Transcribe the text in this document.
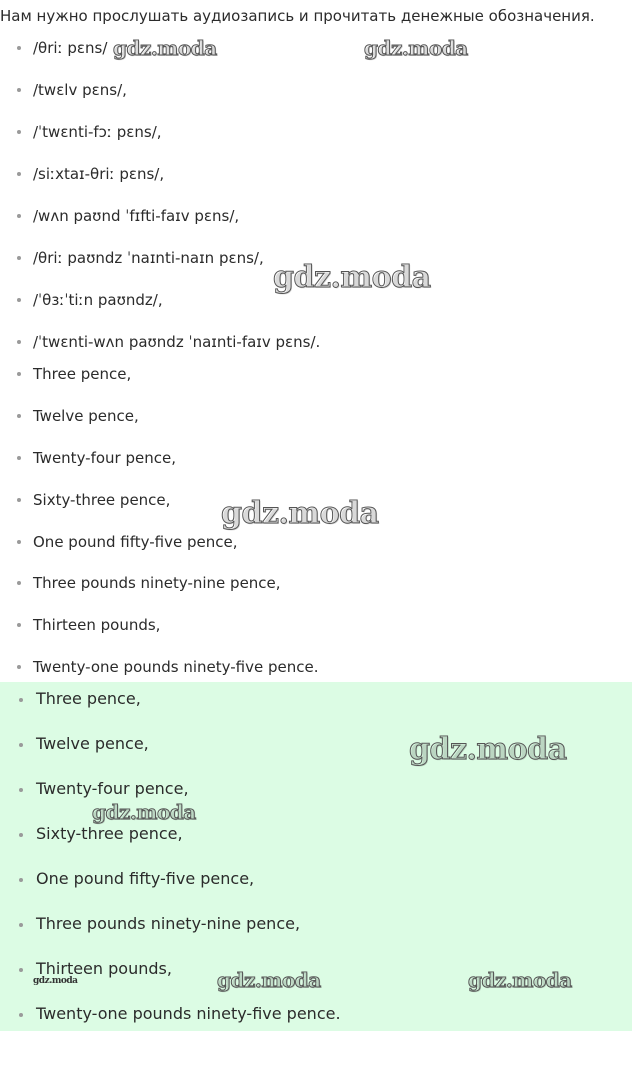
Нам нужно прослушать аудиозапись и прочитать денежные обозначения.
/θriː pɛns/
/twɛlv pɛns/,
/ˈtwɛnti-fɔː pɛns/,
/siːxtaɪ-θriː pɛns/,
/wʌn paʊnd ˈfɪfti-faɪv pɛns/,
/θriː paʊndz ˈnaɪnti-naɪn pɛns/,
/ˈθɜːˈtiːn paʊndz/,
/ˈtwɛnti-wʌn paʊndz ˈnaɪnti-faɪv pɛns/.
Three pence,
Twelve pence,
Twenty-four pence,
Sixty-three pence,
One pound fifty-five pence,
Three pounds ninety-nine pence,
Thirteen pounds,
Twenty-one pounds ninety-five pence.
Three pence,
Twelve pence,
Twenty-four pence,
Sixty-three pence,
One pound fifty-five pence,
Three pounds ninety-nine pence,
Thirteen pounds,
Twenty-one pounds ninety-five pence.
gdz.moda	gdz.moda
gdz.moda
gdz.moda
gdz.moda
gdz.moda
gdz.moda	gdz.moda	gdz.moda
